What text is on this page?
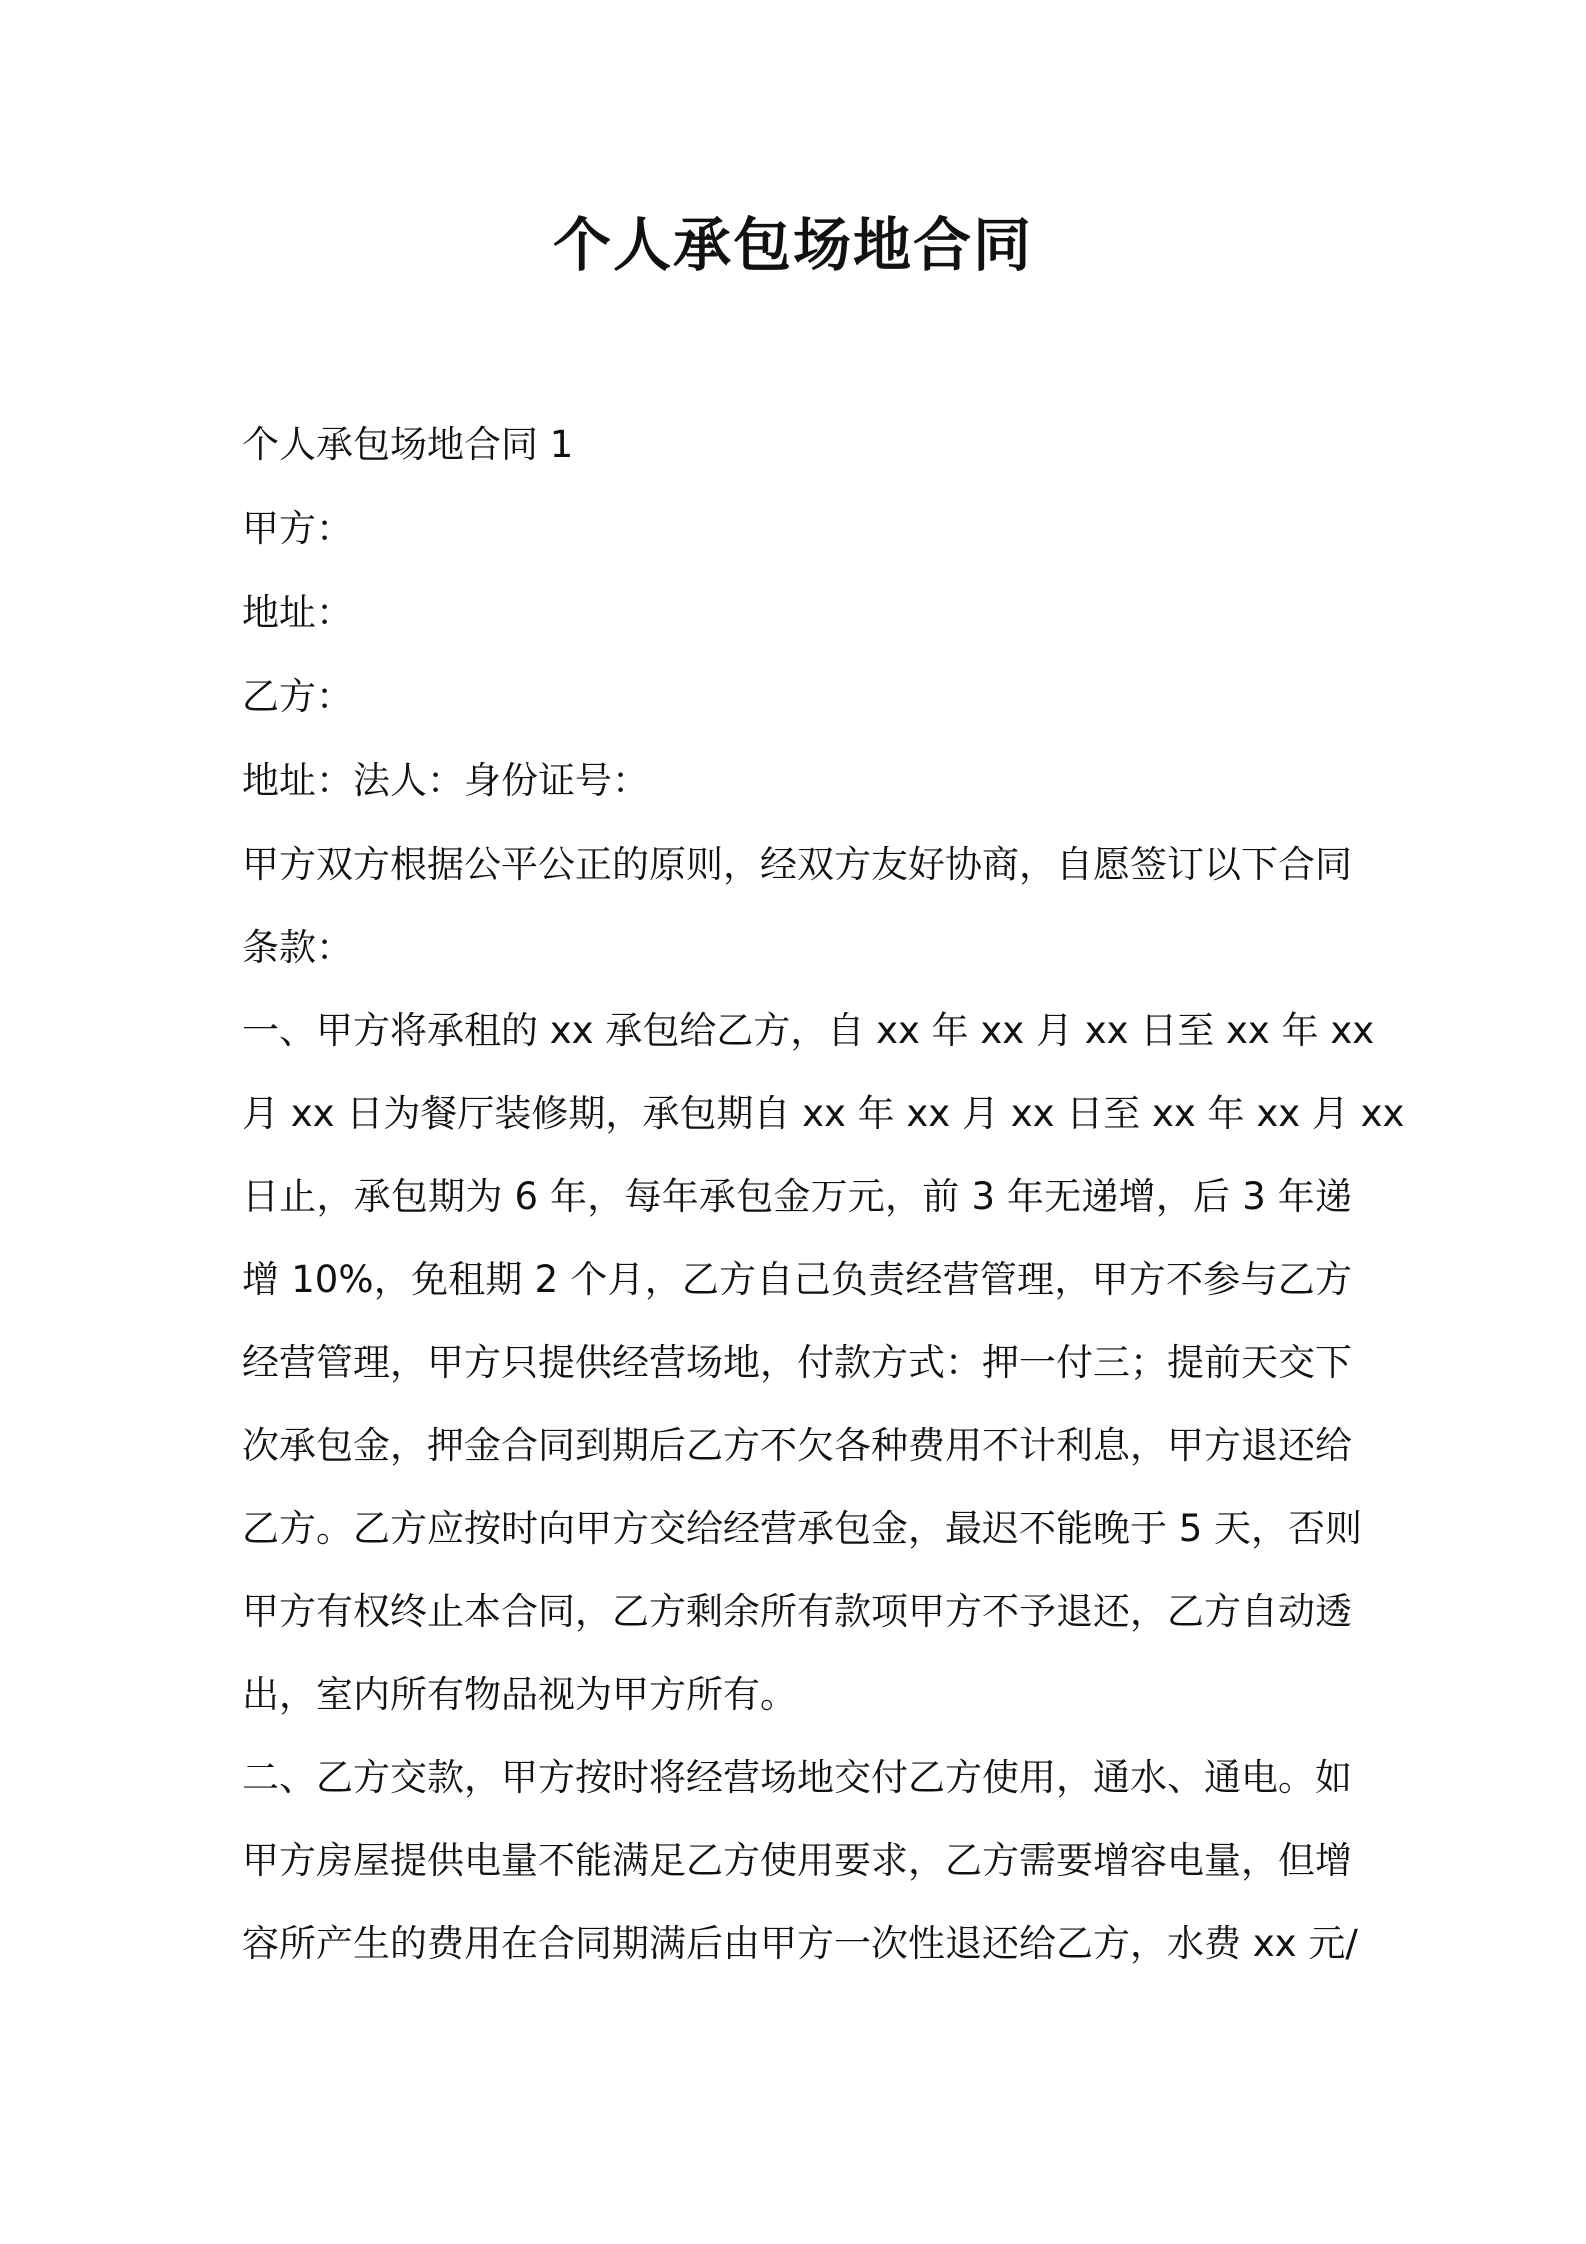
个人承包场地合同

个人承包场地合同 1

甲方：

地址：

乙方：

地址：法人：身份证号：

甲方双方根据公平公正的原则，经双方友好协商，自愿签订以下合同
条款：
一、甲方将承租的 xx 承包给乙方，自 xx 年 xx 月 xx 日至 xx 年 xx
月 xx 日为餐厅装修期，承包期自 xx 年 xx 月 xx 日至 xx 年 xx 月 xx
日止，承包期为 6 年，每年承包金万元，前 3 年无递增，后 3 年递
增 10%，免租期 2 个月，乙方自己负责经营管理，甲方不参与乙方
经营管理，甲方只提供经营场地，付款方式：押一付三；提前天交下
次承包金，押金合同到期后乙方不欠各种费用不计利息，甲方退还给
乙方。乙方应按时向甲方交给经营承包金，最迟不能晚于 5 天，否则
甲方有权终止本合同，乙方剩余所有款项甲方不予退还，乙方自动透
出，室内所有物品视为甲方所有。
二、乙方交款，甲方按时将经营场地交付乙方使用，通水、通电。如
甲方房屋提供电量不能满足乙方使用要求，乙方需要增容电量，但增
容所产生的费用在合同期满后由甲方一次性退还给乙方，水费 xx 元/
